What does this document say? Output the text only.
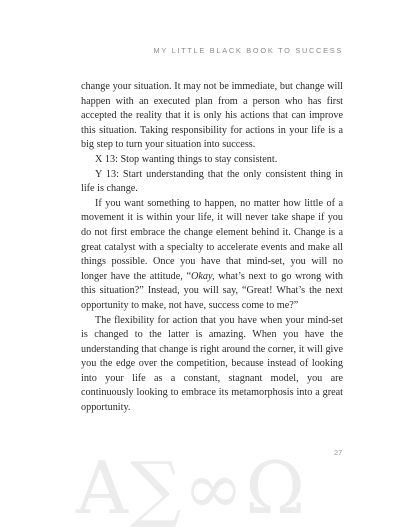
MY LITTLE BLACK BOOK TO SUCCESS

change your situation. It may not be immediate, but change will happen with an executed plan from a person who has first accepted the reality that it is only his actions that can improve this situation. Taking responsibility for actions in your life is a big step to turn your situation into success.

X 13: Stop wanting things to stay consistent.

Y 13: Start understanding that the only consistent thing in life is change.

If you want something to happen, no matter how little of a movement it is within your life, it will never take shape if you do not first embrace the change element behind it. Change is a great catalyst with a specialty to accelerate events and make all things possible. Once you have that mind-set, you will no longer have the attitude, “Okay, what’s next to go wrong with this situation?” Instead, you will say, “Great! What’s the next opportunity to make, not have, success come to me?”

The flexibility for action that you have when your mind-set is changed to the latter is amazing. When you have the understanding that change is right around the corner, it will give you the edge over the competition, because instead of looking into your life as a constant, stagnant model, you are continuously looking to embrace its metamorphosis into a great opportunity.

Α∑∞Ω	27
